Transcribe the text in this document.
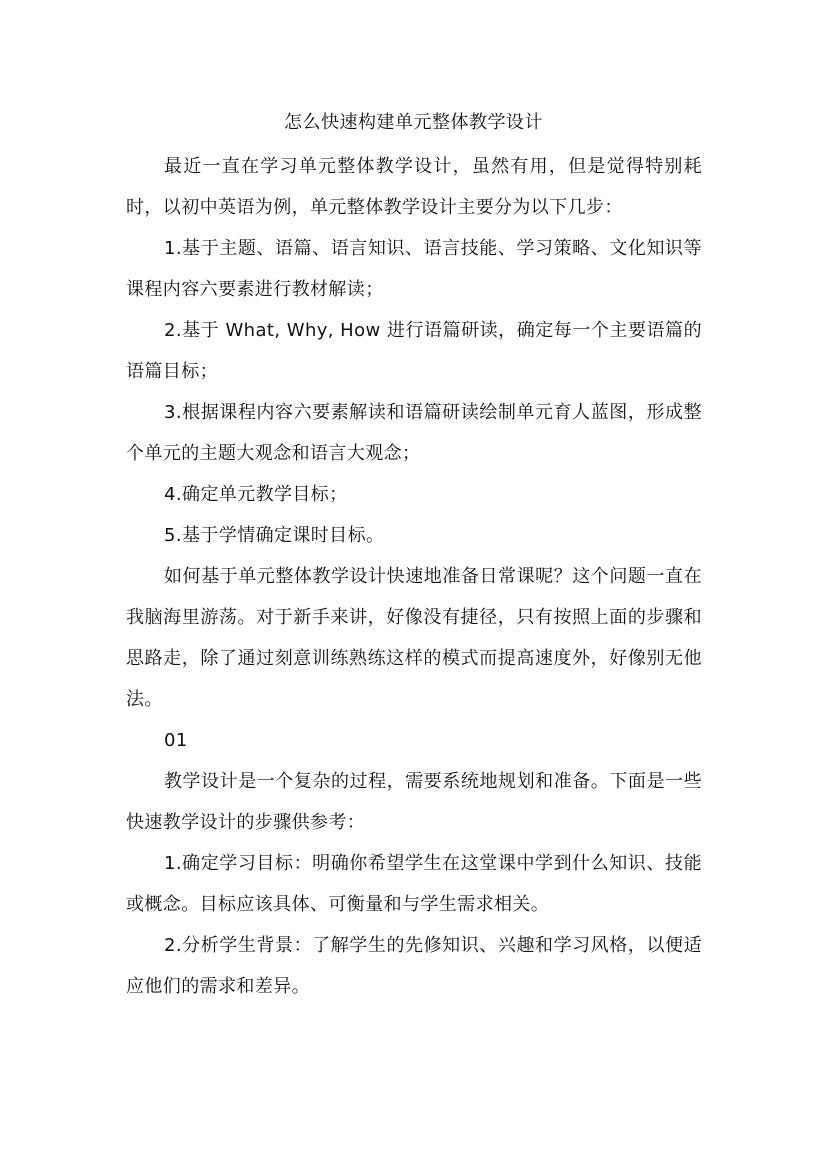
怎么快速构建单元整体教学设计

最近一直在学习单元整体教学设计，虽然有用，但是觉得特别耗时，以初中英语为例，单元整体教学设计主要分为以下几步：

1.基于主题、语篇、语言知识、语言技能、学习策略、文化知识等课程内容六要素进行教材解读；

2.基于 What, Why, How 进行语篇研读，确定每一个主要语篇的语篇目标；

3.根据课程内容六要素解读和语篇研读绘制单元育人蓝图，形成整个单元的主题大观念和语言大观念；

4.确定单元教学目标；

5.基于学情确定课时目标。

如何基于单元整体教学设计快速地准备日常课呢？这个问题一直在我脑海里游荡。对于新手来讲，好像没有捷径，只有按照上面的步骤和思路走，除了通过刻意训练熟练这样的模式而提高速度外，好像别无他法。

01

教学设计是一个复杂的过程，需要系统地规划和准备。下面是一些快速教学设计的步骤供参考：

1.确定学习目标：明确你希望学生在这堂课中学到什么知识、技能或概念。目标应该具体、可衡量和与学生需求相关。

2.分析学生背景：了解学生的先修知识、兴趣和学习风格，以便适应他们的需求和差异。
